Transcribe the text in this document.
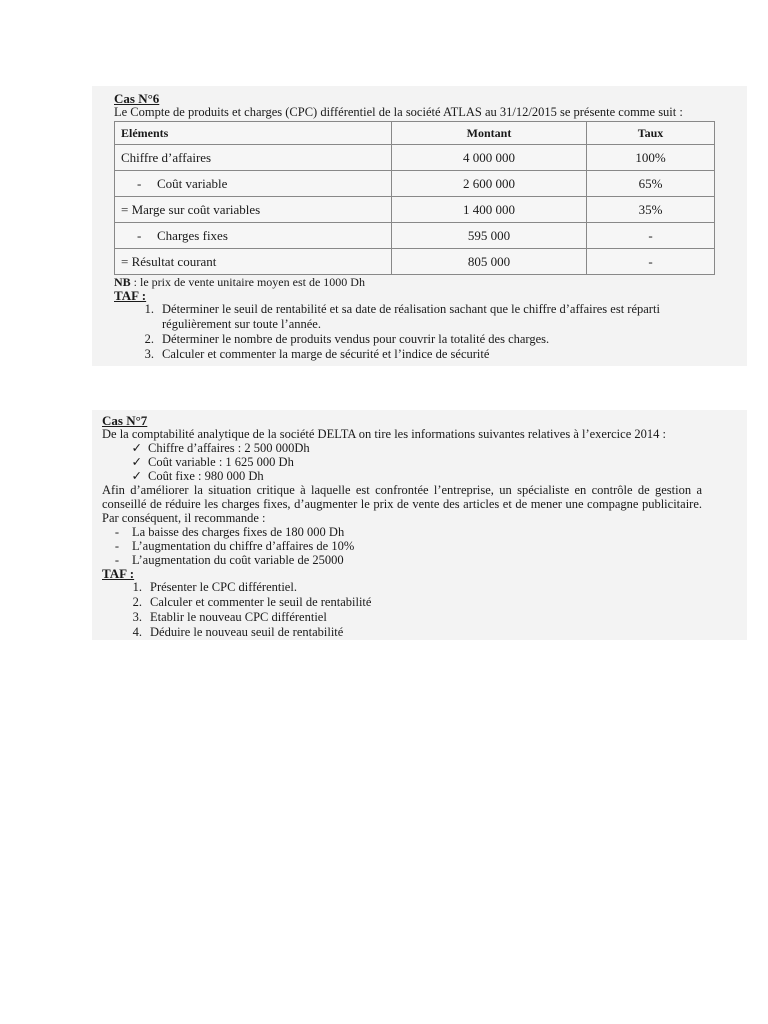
Cas N°6

Le Compte de produits et charges (CPC) différentiel de la société ATLAS au 31/12/2015 se présente comme suit :

Eléments	Montant	Taux
Chiffre d’affaires	4 000 000	100%
- Coût variable	2 600 000	65%
= Marge sur coût variables	1 400 000	35%
- Charges fixes	595 000	-
= Résultat courant	805 000	-

NB : le prix de vente unitaire moyen est de 1000 Dh

TAF :

1. Déterminer le seuil de rentabilité et sa date de réalisation sachant que le chiffre d’affaires est réparti régulièrement sur toute l’année.
2. Déterminer le nombre de produits vendus pour couvrir la totalité des charges.
3. Calculer et commenter la marge de sécurité et l’indice de sécurité

Cas N°7

De la comptabilité analytique de la société DELTA on tire les informations suivantes relatives à l’exercice 2014 :

✓ Chiffre d’affaires : 2 500 000Dh
✓ Coût variable : 1 625 000 Dh
✓ Coût fixe : 980 000 Dh

Afin d’améliorer la situation critique à laquelle est confrontée l’entreprise, un spécialiste en contrôle de gestion a conseillé de réduire les charges fixes, d’augmenter le prix de vente des articles et de mener une compagne publicitaire. Par conséquent, il recommande :

-	La baisse des charges fixes de 180 000 Dh
-	L’augmentation du chiffre d’affaires de 10%
-	L’augmentation du coût variable de 25000

TAF :

1. Présenter le CPC différentiel.
2. Calculer et commenter le seuil de rentabilité
3. Etablir le nouveau CPC différentiel
4. Déduire le nouveau seuil de rentabilité
